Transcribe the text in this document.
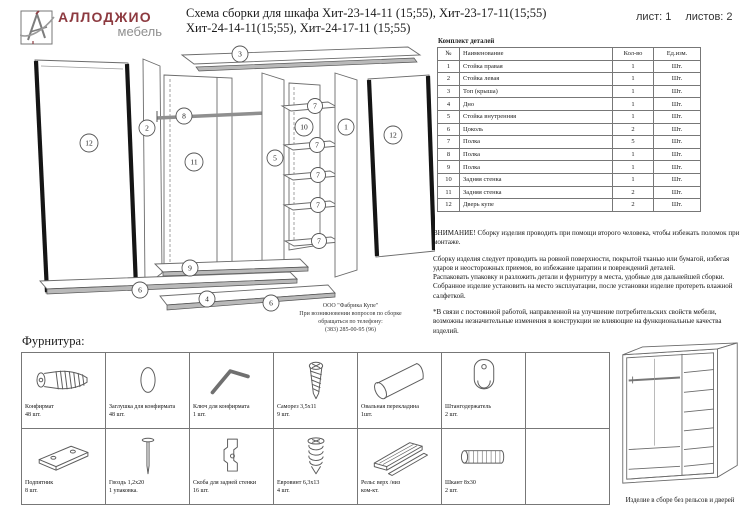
АЛЛОДЖИО
мебель
Схема сборки для шкафа Хит-23-14-11 (15;55), Хит-23-17-11(15;55)
Хит-24-14-11(15;55), Хит-24-17-11 (15;55)
лист: 1 листов: 2
3
12
2
8
11
9
5
10
7
7
7
7
7
1
12
6
4	6	ООО "Фабрика Купе"
При возникновении вопросов по сборке
обращаться по телефону:
(383) 285-00-95 (96)
Комплект деталей
№	Наименование	Кол-во	Ед.изм.
1	Стойка правая	1	Шт.
2	Стойка левая	1	Шт.
3	Топ (крыша)	1	Шт.
4	Дно	1	Шт.
5	Стойка внутренняя	1	Шт.
6	Цоколь	2	Шт.
7	Полка	5	Шт.
8	Полка	1	Шт.
9	Полка	1	Шт.
10	Задняя стенка	1	Шт.
11	Задняя стенка	2	Шт.
12	Дверь купе	2	Шт.
ВНИМАНИЕ! Сборку изделия проводить при помощи второго человека, чтобы избежать поломок при монтаже.
Сборку изделия следует проводить на ровной поверхности, покрытой тканью или бумагой, избегая ударов и неосторожных приемов, во избежание царапин и повреждений деталей.
Распаковать упаковку и разложить детали и фурнитуру в места, удобные для дальнейшей сборки.
Собранное изделие установить на место эксплуатации, после установки изделие протереть влажной салфеткой.
*В связи с постоянной работой, направленной на улучшение потребительских свойств мебели, возможны незначительные изменения в конструкции не влияющие на функциональные качества изделий.
Фурнитура:
Конфирмат
48 шт.

Заглушка для конфирмата
48 шт.

Ключ для конфирмата
1 шт.

Саморез 3,5х11
9 шт.

Овальная перекладина
1шт.

Штангодержатель
2 шт.

Подпятник
8 шт.

Гвоздь 1,2х20
1 упаковка.

Скоба для задней стенки
16 шт.

Евровинт 6,3х13
4 шт.

Рельс верх /низ
ком-кт.

Шкант 8х30
2 шт.

Изделие в сборе без рельсов и дверей
